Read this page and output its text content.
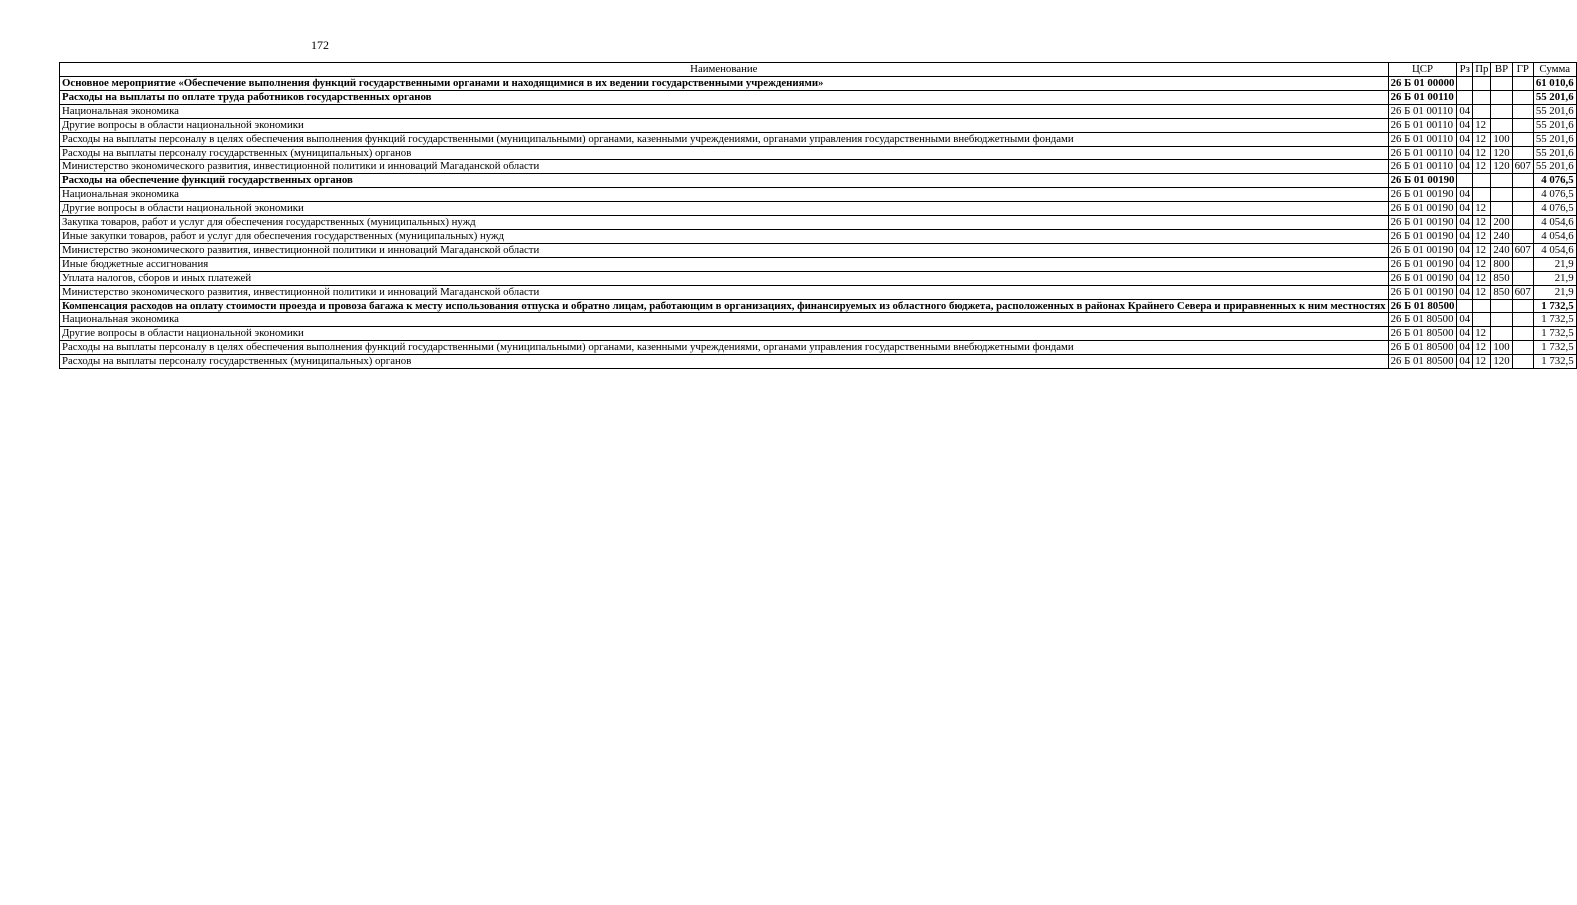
172
Наименование	ЦСР	Рз	Пр	ВР	ГР	Сумма
Основное мероприятие «Обеспечение выполнения функций государственными органами и находящимися в их ведении государственными учреждениями»	26 Б 01 00000					61 010,6
Расходы на выплаты по оплате труда работников государственных органов	26 Б 01 00110					55 201,6
Национальная экономика	26 Б 01 00110	04				55 201,6
Другие вопросы в области национальной экономики	26 Б 01 00110	04	12			55 201,6
Расходы на выплаты персоналу в целях обеспечения выполнения функций государственными (муниципальными) органами, казенными учреждениями, органами управления государственными внебюджетными фондами	26 Б 01 00110	04	12	100		55 201,6
Расходы на выплаты персоналу государственных (муниципальных) органов	26 Б 01 00110	04	12	120		55 201,6
Министерство экономического развития, инвестиционной политики и инноваций Магаданской области	26 Б 01 00110	04	12	120	607	55 201,6
Расходы на обеспечение функций государственных органов	26 Б 01 00190					4 076,5
Национальная экономика	26 Б 01 00190	04				4 076,5
Другие вопросы в области национальной экономики	26 Б 01 00190	04	12			4 076,5
Закупка товаров, работ и услуг для обеспечения государственных (муниципальных) нужд	26 Б 01 00190	04	12	200		4 054,6
Иные закупки товаров, работ и услуг для обеспечения государственных (муниципальных) нужд	26 Б 01 00190	04	12	240		4 054,6
Министерство экономического развития, инвестиционной политики и инноваций Магаданской области	26 Б 01 00190	04	12	240	607	4 054,6
Иные бюджетные ассигнования	26 Б 01 00190	04	12	800		21,9
Уплата налогов, сборов и иных платежей	26 Б 01 00190	04	12	850		21,9
Министерство экономического развития, инвестиционной политики и инноваций Магаданской области	26 Б 01 00190	04	12	850	607	21,9
Компенсация расходов на оплату стоимости проезда и провоза багажа к месту использования отпуска и обратно лицам, работающим в организациях, финансируемых из областного бюджета, расположенных в районах Крайнего Севера и приравненных к ним местностях	26 Б 01 80500					1 732,5
Национальная экономика	26 Б 01 80500	04				1 732,5
Другие вопросы в области национальной экономики	26 Б 01 80500	04	12			1 732,5
Расходы на выплаты персоналу в целях обеспечения выполнения функций государственными (муниципальными) органами, казенными учреждениями, органами управления государственными внебюджетными фондами	26 Б 01 80500	04	12	100		1 732,5
Расходы на выплаты персоналу государственных (муниципальных) органов	26 Б 01 80500	04	12	120		1 732,5
